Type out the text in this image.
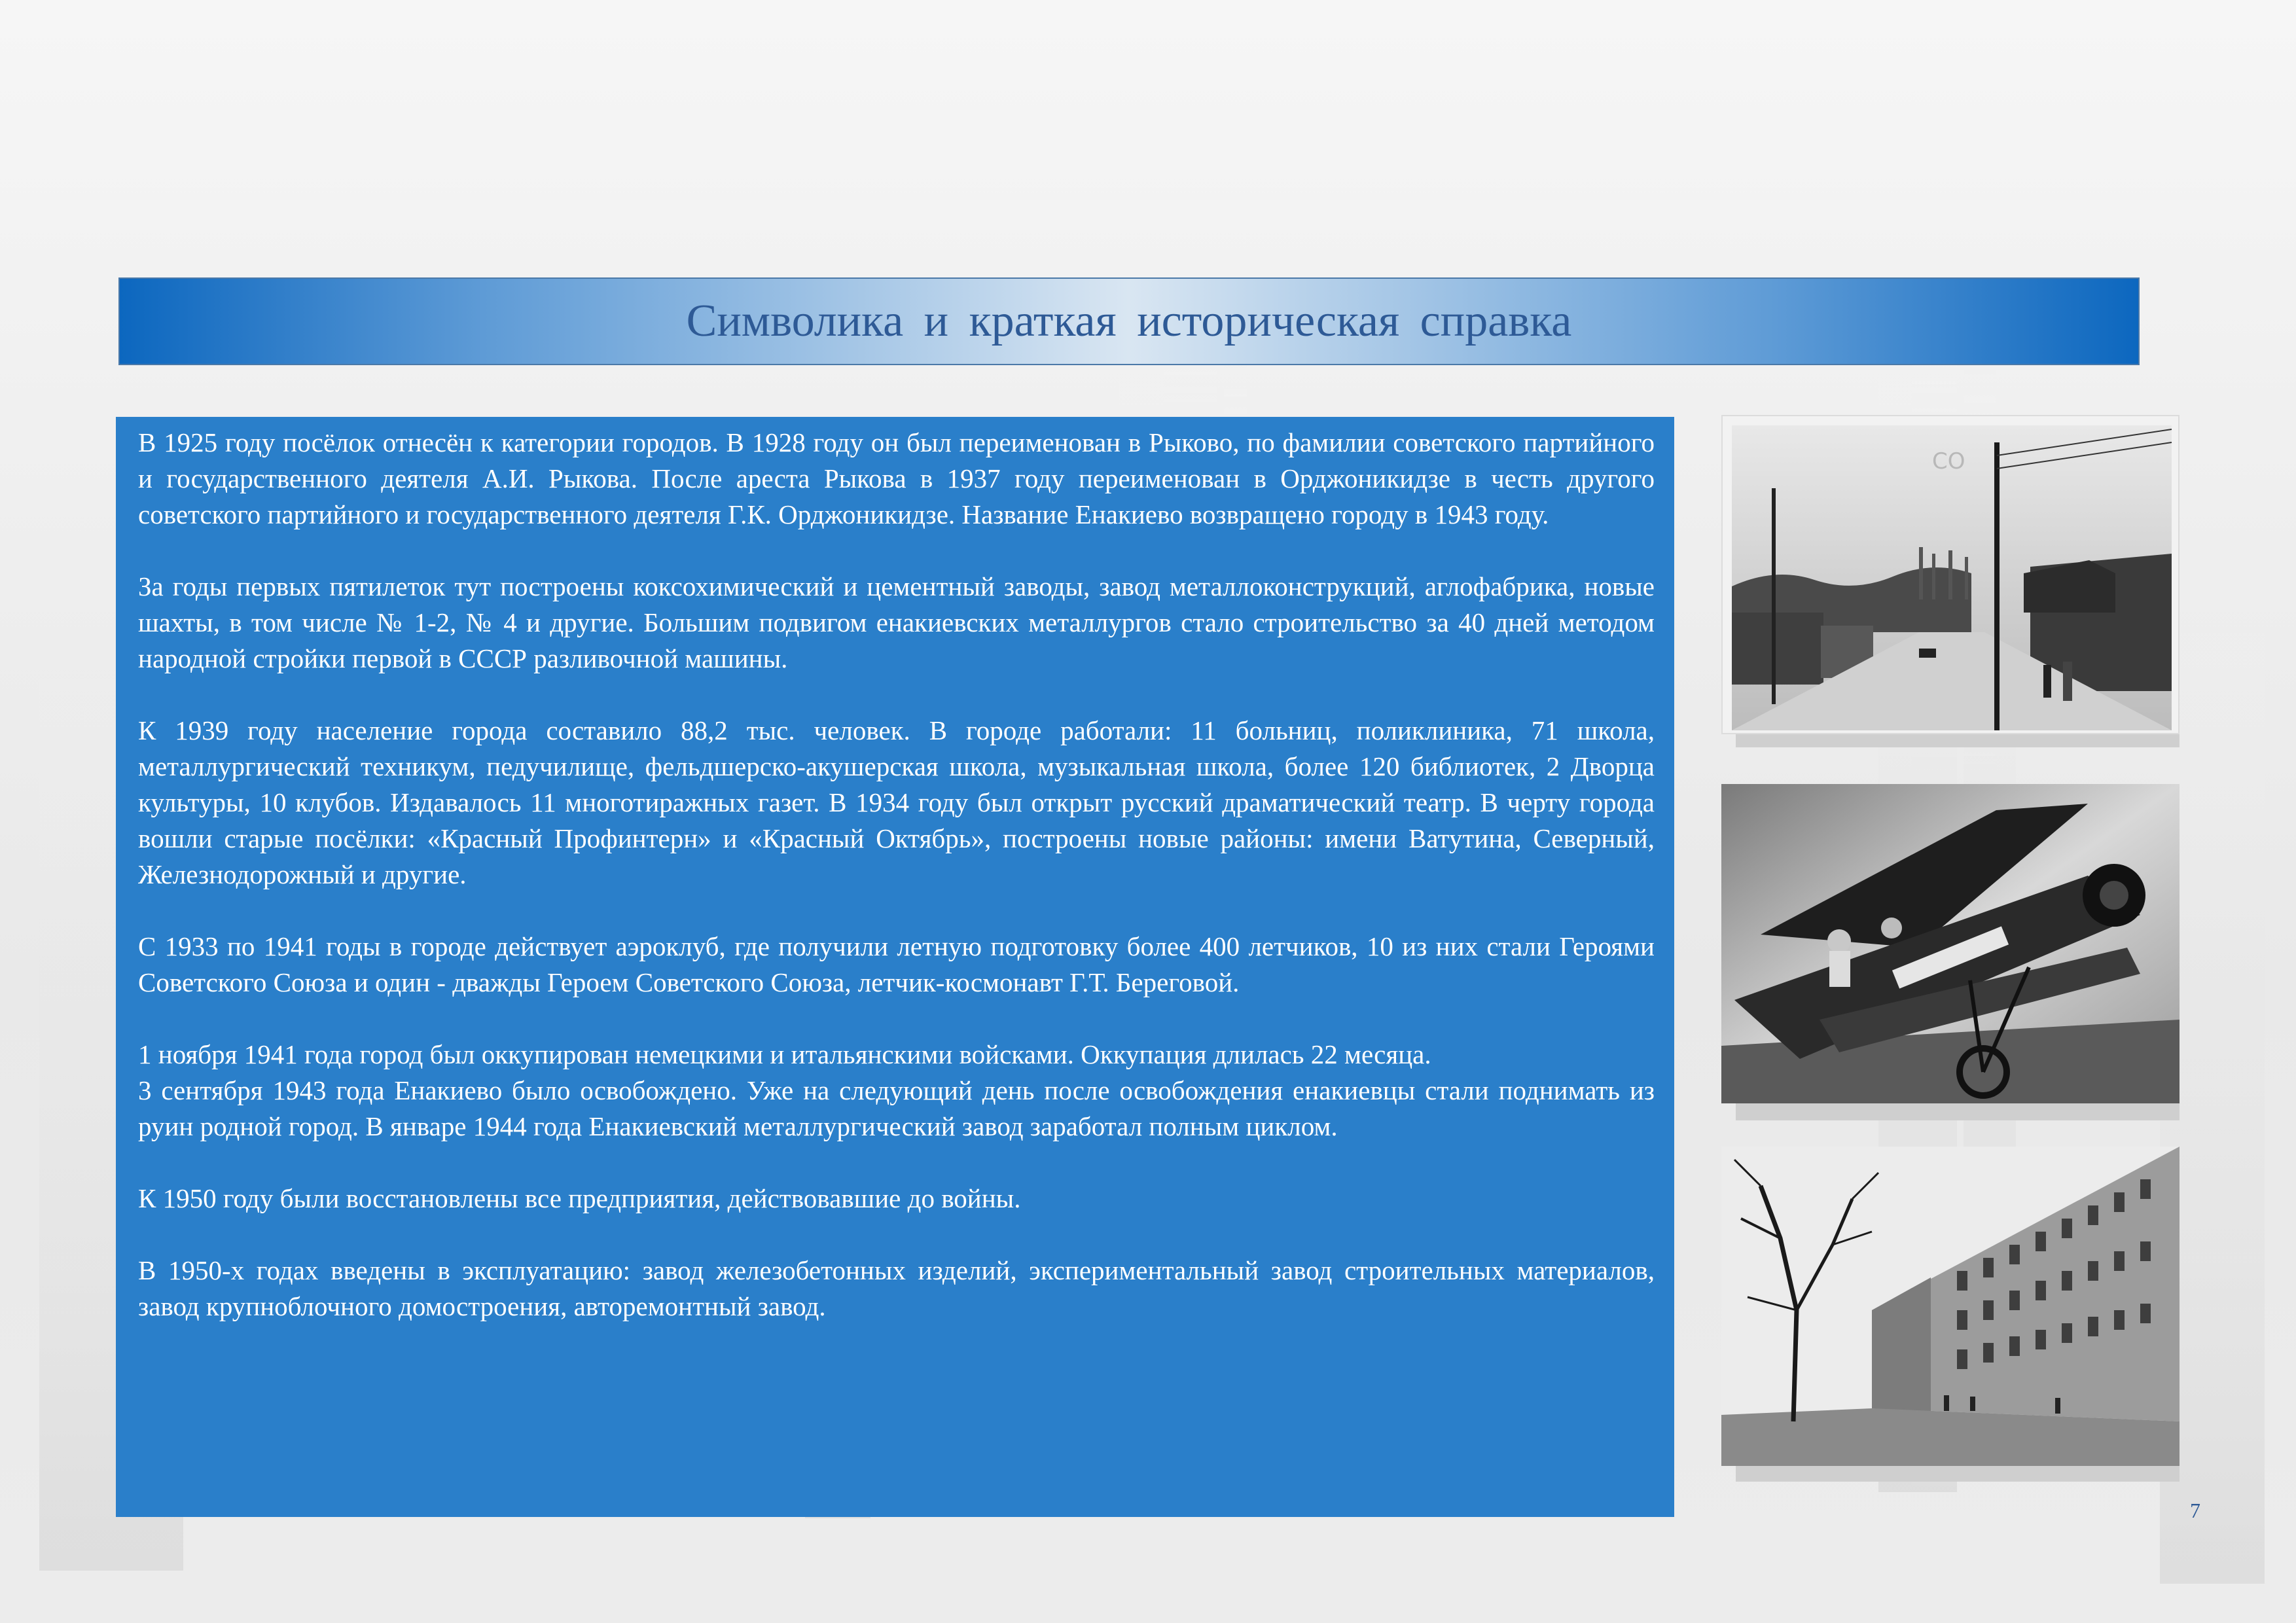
Символика и краткая историческая справка

В 1925 году посёлок отнесён к категории городов. В 1928 году он был переименован в Рыково, по фамилии советского партийного и государственного деятеля А.И. Рыкова. После ареста Рыкова в 1937 году переименован в Орджоникидзе в честь другого советского партийного и государственного деятеля Г.К. Орджоникидзе. Название Енакиево возвращено городу в 1943 году.

За годы первых пятилеток тут построены коксохимический и цементный заводы, завод металлоконструкций, аглофабрика, новые шахты, в том числе № 1-2, № 4 и другие. Большим подвигом енакиевских металлургов стало строительство за 40 дней методом народной стройки первой в СССР разливочной машины.

К 1939 году население города составило 88,2 тыс. человек. В городе работали: 11 больниц, поликлиника, 71 школа, металлургический техникум, педучилище, фельдшерско-акушерская школа, музыкальная школа, более 120 библиотек, 2 Дворца культуры, 10 клубов. Издавалось 11 многотиражных газет. В 1934 году был открыт русский драматический театр. В черту города вошли старые посёлки: «Красный Профинтерн» и «Красный Октябрь», построены новые районы: имени Ватутина, Северный, Железнодорожный и другие.

С 1933 по 1941 годы в городе действует аэроклуб, где получили летную подготовку более 400 летчиков, 10 из них стали Героями Советского Союза и один - дважды Героем Советского Союза, летчик-космонавт Г.Т. Береговой.

1 ноября 1941 года город был оккупирован немецкими и итальянскими войсками. Оккупация длилась 22 месяца.

3 сентября 1943 года Енакиево было освобождено. Уже на следующий день после освобождения енакиевцы стали поднимать из руин родной город. В январе 1944 года Енакиевский металлургический завод заработал полным циклом.

К 1950 году были восстановлены все предприятия, действовавшие до войны.

В 1950-х годах введены в эксплуатацию: завод железобетонных изделий, экспериментальный завод строительных материалов, завод крупноблочного домостроения, авторемонтный завод.

СО
7
